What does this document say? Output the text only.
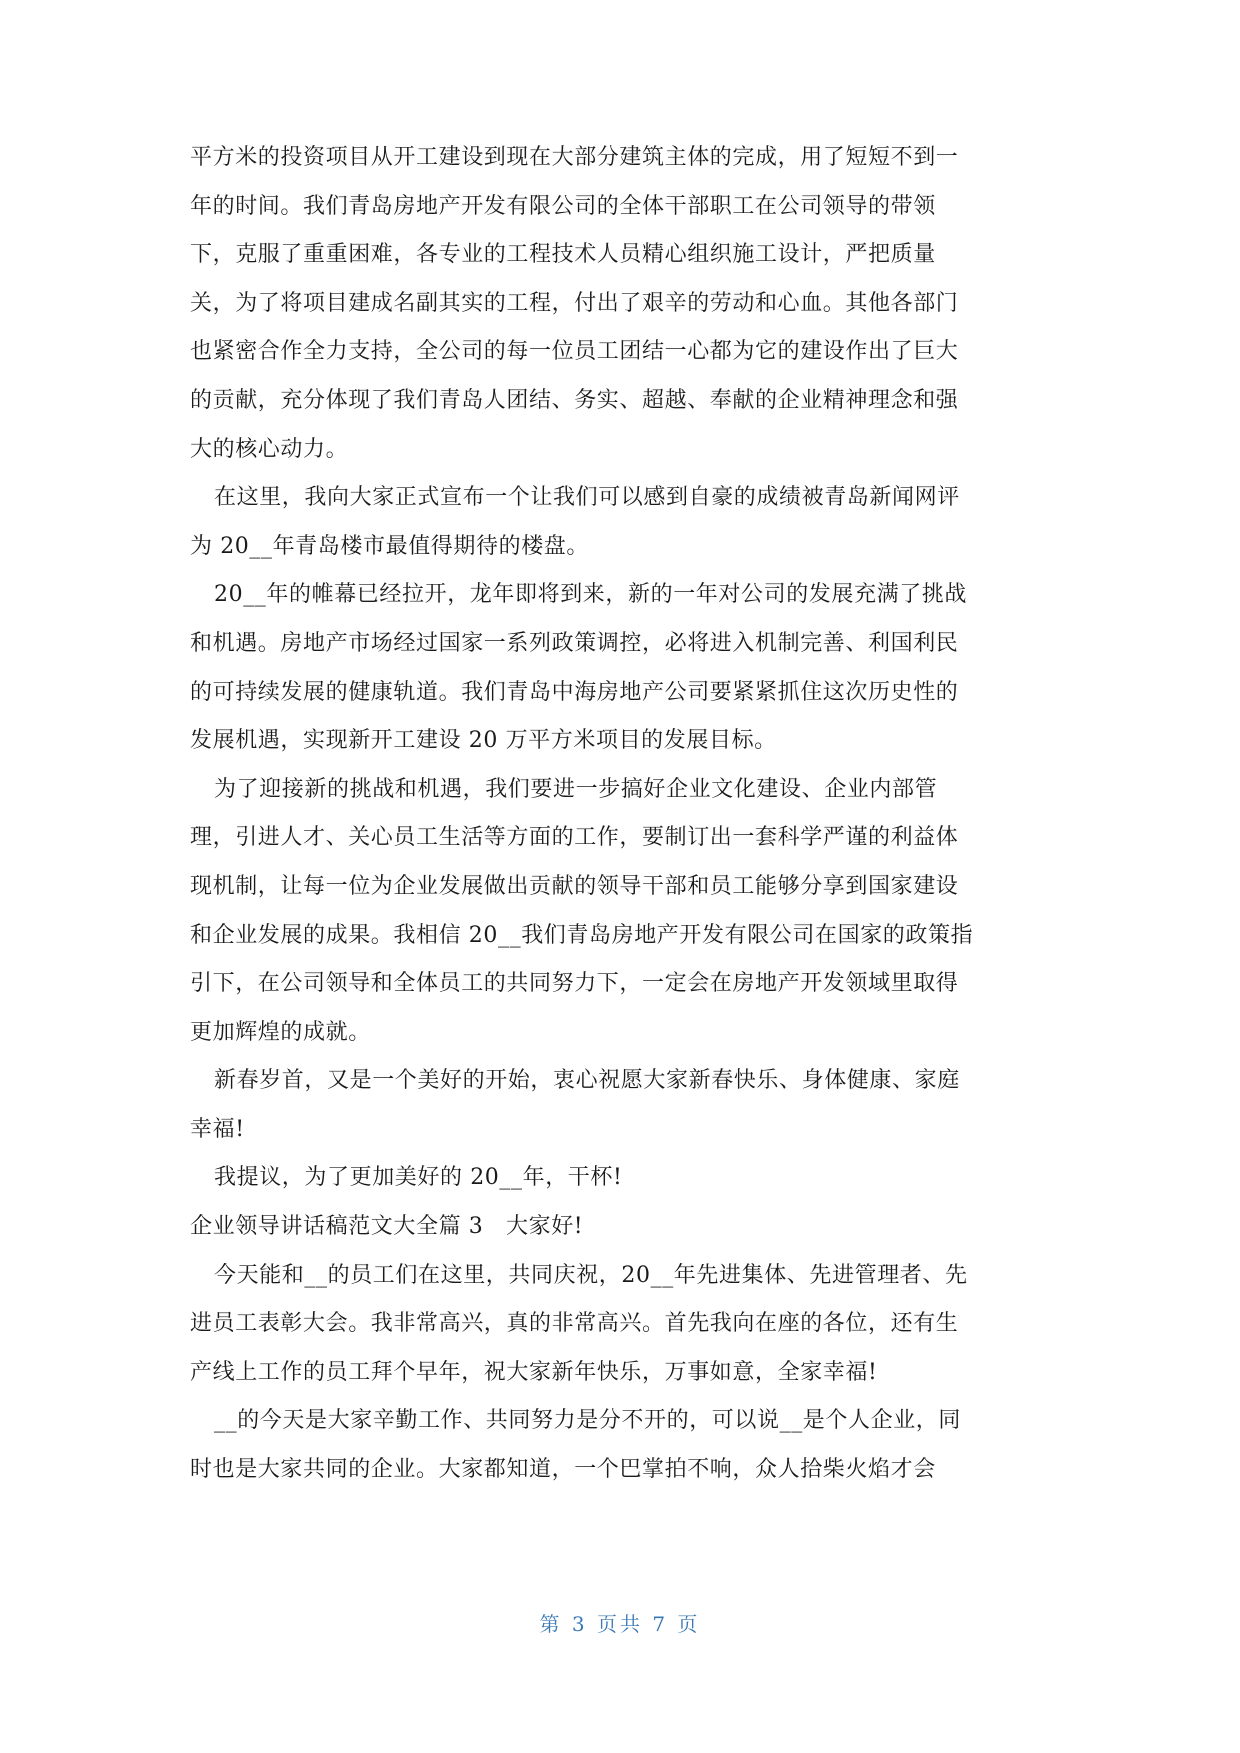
平方米的投资项目从开工建设到现在大部分建筑主体的完成，用了短短不到一
年的时间。我们青岛房地产开发有限公司的全体干部职工在公司领导的带领
下，克服了重重困难，各专业的工程技术人员精心组织施工设计，严把质量
关，为了将项目建成名副其实的工程，付出了艰辛的劳动和心血。其他各部门
也紧密合作全力支持，全公司的每一位员工团结一心都为它的建设作出了巨大
的贡献，充分体现了我们青岛人团结、务实、超越、奉献的企业精神理念和强
大的核心动力。
在这里，我向大家正式宣布一个让我们可以感到自豪的成绩被青岛新闻网评
为 20__年青岛楼市最值得期待的楼盘。
20__年的帷幕已经拉开，龙年即将到来，新的一年对公司的发展充满了挑战
和机遇。房地产市场经过国家一系列政策调控，必将进入机制完善、利国利民
的可持续发展的健康轨道。我们青岛中海房地产公司要紧紧抓住这次历史性的
发展机遇，实现新开工建设 20 万平方米项目的发展目标。
为了迎接新的挑战和机遇，我们要进一步搞好企业文化建设、企业内部管
理，引进人才、关心员工生活等方面的工作，要制订出一套科学严谨的利益体
现机制，让每一位为企业发展做出贡献的领导干部和员工能够分享到国家建设
和企业发展的成果。我相信 20__我们青岛房地产开发有限公司在国家的政策指
引下，在公司领导和全体员工的共同努力下，一定会在房地产开发领域里取得
更加辉煌的成就。
新春岁首，又是一个美好的开始，衷心祝愿大家新春快乐、身体健康、家庭
幸福!
我提议，为了更加美好的 20__年，干杯!
企业领导讲话稿范文大全篇 3　大家好!
今天能和__的员工们在这里，共同庆祝，20__年先进集体、先进管理者、先
进员工表彰大会。我非常高兴，真的非常高兴。首先我向在座的各位，还有生
产线上工作的员工拜个早年，祝大家新年快乐，万事如意，全家幸福!
__的今天是大家辛勤工作、共同努力是分不开的，可以说__是个人企业，同
时也是大家共同的企业。大家都知道，一个巴掌拍不响，众人拾柴火焰才会
第 3 页共 7 页
